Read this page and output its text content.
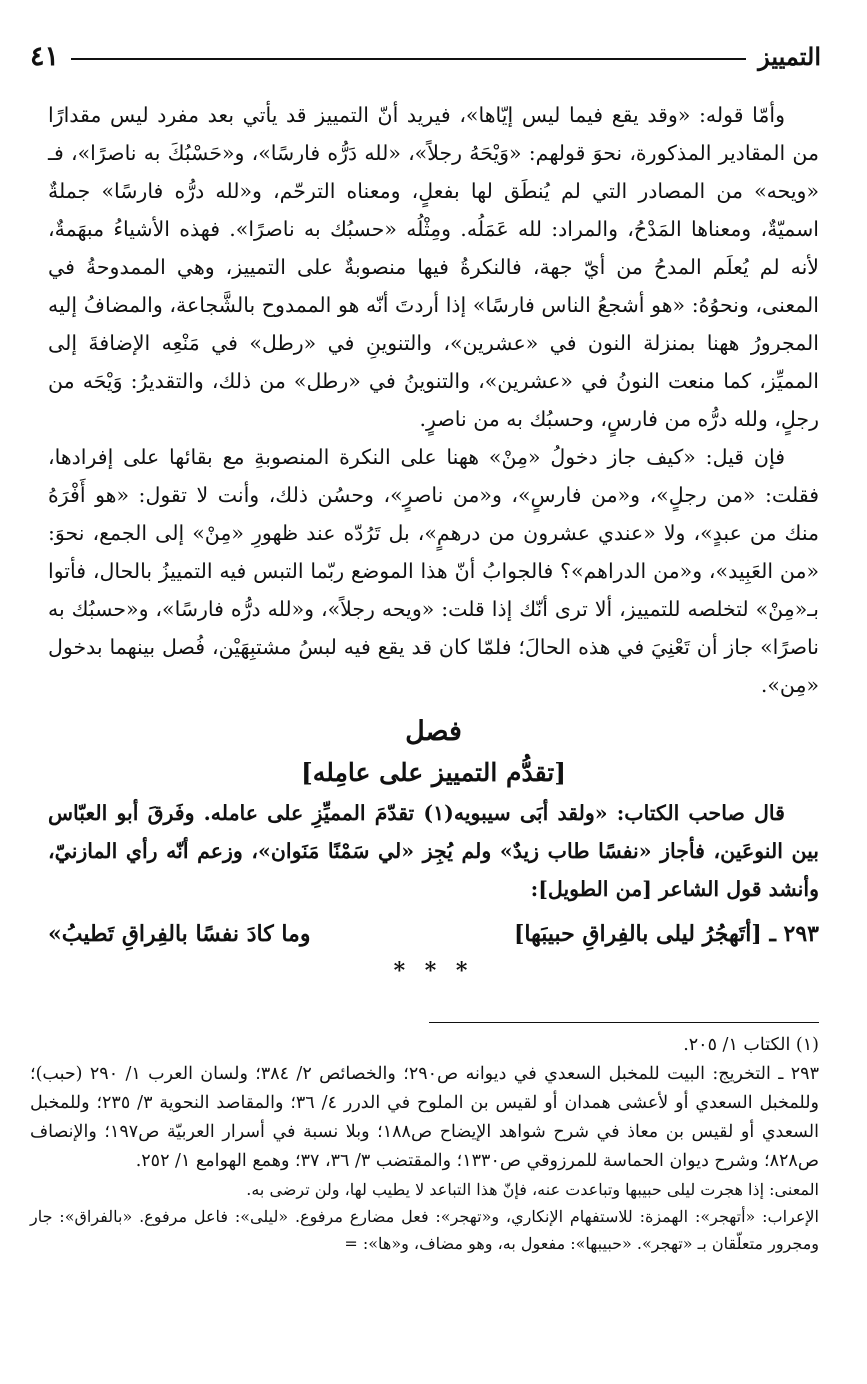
التمييز
٤١

وأمّا قوله: «وقد يقع فيما ليس إيّاها»، فيريد أنّ التمييز قد يأتي بعد مفرد ليس مقدارًا من المقادير المذكورة، نحوَ قولهم: «وَيْحَهُ رجلاً»، «لله دَرُّه فارسًا»، و«حَسْبُكَ به ناصرًا»، فـ «ويحه» من المصادر التي لم يُنطَق لها بفعلٍ، ومعناه الترحّم، و«لله درُّه فارسًا» جملةٌ اسميّةٌ، ومعناها المَدْحُ، والمراد: لله عَمَلُه. ومِثْلُه «حسبُك به ناصرًا». فهذه الأشياءُ مبهَمةٌ، لأنه لم يُعلَم المدحُ من أيّ جهة، فالنكرةُ فيها منصوبةٌ على التمييز، وهي الممدوحةُ في المعنى، ونحوُهُ: «هو أشجعُ الناس فارسًا» إذا أردتَ أنّه هو الممدوح بالشَّجاعة، والمضافُ إليه المجرورُ ههنا بمنزلة النون في «عشرين»، والتنوينِ في «رطل» في مَنْعِه الإضافةَ إلى المميِّز، كما منعت النونُ في «عشرين»، والتنوينُ في «رطل» من ذلك، والتقديرُ: وَيْحَه من رجلٍ، ولله درُّه من فارسٍ، وحسبُك به من ناصرٍ.

فإن قيل: «كيف جاز دخولُ «مِنْ» ههنا على النكرة المنصوبةِ مع بقائها على إفرادها، فقلت: «من رجلٍ»، و«من فارسٍ»، و«من ناصرٍ»، وحسُن ذلك، وأنت لا تقول: «هو أَفْرَهُ منك من عبدٍ»، ولا «عندي عشرون من درهمٍ»، بل تَرُدّه عند ظهورِ «مِنْ» إلى الجمع، نحوَ: «من العَبِيد»، و«من الدراهم»؟ فالجوابُ أنّ هذا الموضع ربّما التبس فيه التمييزُ بالحال، فأتوا بـ«مِنْ» لتخلصه للتمييز، ألا ترى أنّك إذا قلت: «ويحه رجلاً»، و«لله درُّه فارسًا»، و«حسبُك به ناصرًا» جاز أن تَعْنِيَ في هذه الحالَ؛ فلمّا كان قد يقع فيه لبسُ مشتبِهَيْن، فُصل بينهما بدخول «مِن».

فصل
[تقدُّم التمييز على عامِله]

قال صاحب الكتاب: «ولقد أبَى سيبويه(١) تقدّمَ المميِّزِ على عامله. وفَرقَ أبو العبّاس بين النوعَين، فأجاز «نفسًا طاب زيدٌ» ولم يُجِز «لي سَمْنًا مَنَوان»، وزعم أنّه رأي المازنيّ، وأنشد قول الشاعر [من الطويل]:

٢٩٣ ـ [أتَهجُرُ ليلى بالفِراقِ حبيبَها]
وما كادَ نفسًا بالفِراقِ تَطيبُ»
* * *

(١) الكتاب ١/ ٢٠٥.

٢٩٣ ـ التخريج: البيت للمخبل السعدي في ديوانه ص٢٩٠؛ والخصائص ٢/ ٣٨٤؛ ولسان العرب ١/ ٢٩٠ (حبب)؛ وللمخبل السعدي أو لأعشى همدان أو لقيس بن الملوح في الدرر ٤/ ٣٦؛ والمقاصد النحوية ٣/ ٢٣٥؛ وللمخبل السعدي أو لقيس بن معاذ في شرح شواهد الإيضاح ص١٨٨؛ وبلا نسبة في أسرار العربيّة ص١٩٧؛ والإنصاف ص٨٢٨؛ وشرح ديوان الحماسة للمرزوقي ص١٣٣٠؛ والمقتضب ٣/ ٣٦، ٣٧؛ وهمع الهوامع ١/ ٢٥٢.

المعنى: إذا هجرت ليلى حبيبها وتباعدت عنه، فإنّ هذا التباعد لا يطيب لها، ولن ترضى به.

الإعراب: «أتهجر»: الهمزة: للاستفهام الإنكاري، و«تهجر»: فعل مضارع مرفوع. «ليلى»: فاعل مرفوع. «بالفراق»: جار ومجرور متعلّقان بـ «تهجر». «حبيبها»: مفعول به، وهو مضاف، و«ها»: =
